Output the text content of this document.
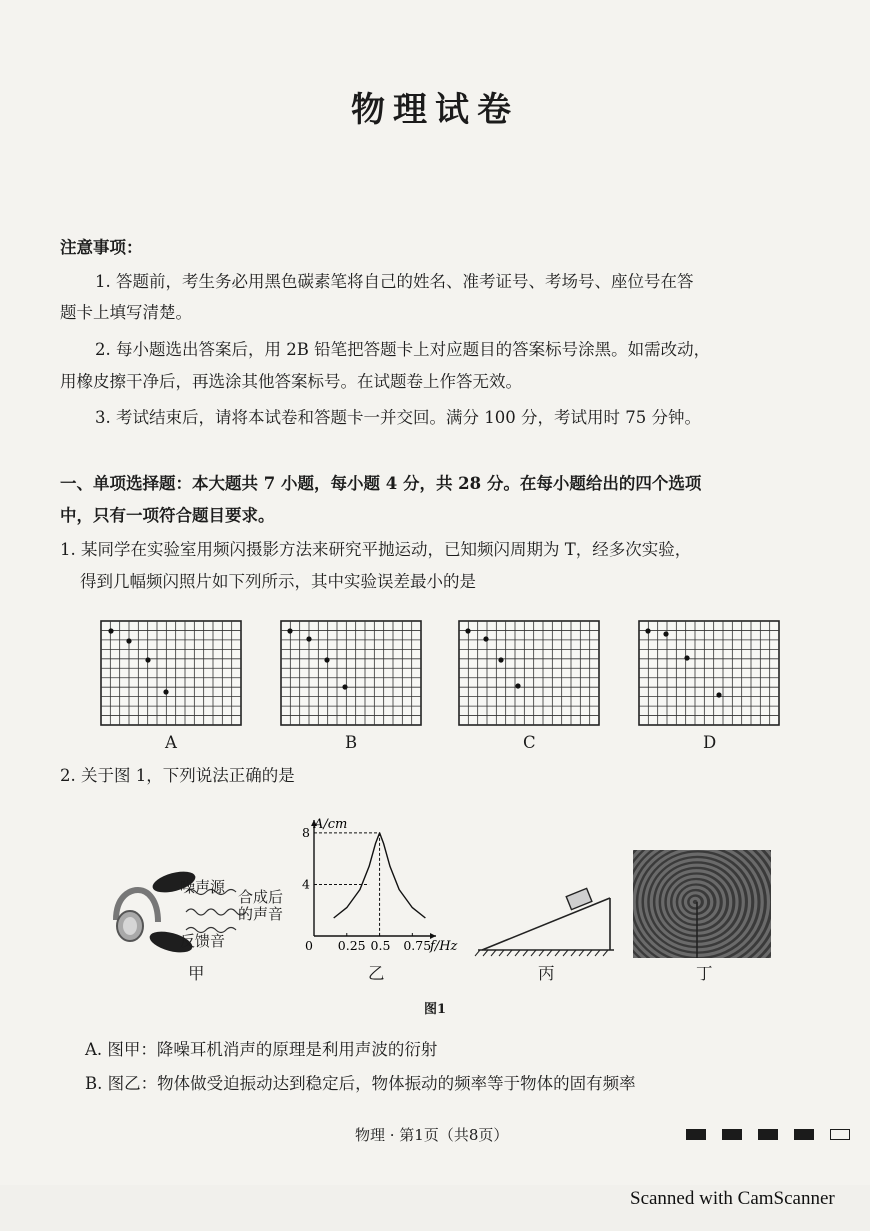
物理试卷

注意事项：

1. 答题前，考生务必用黑色碳素笔将自己的姓名、准考证号、考场号、座位号在答

题卡上填写清楚。

2. 每小题选出答案后，用 2B 铅笔把答题卡上对应题目的答案标号涂黑。如需改动，

用橡皮擦干净后，再选涂其他答案标号。在试题卷上作答无效。

3. 考试结束后，请将本试卷和答题卡一并交回。满分 100 分，考试用时 75 分钟。

一、单项选择题：本大题共 7 小题，每小题 4 分，共 28 分。在每小题给出的四个选项

中，只有一项符合题目要求。

1. 某同学在实验室用频闪摄影方法来研究平抛运动，已知频闪周期为 T，经多次实验，

得到几幅频闪照片如下列所示，其中实验误差最小的是

A	B	C	D

2. 关于图 1，下列说法正确的是

噪声源
合成后
的声音
反馈音
A/cm
f/Hz
0 0.25 0.5 0.75
4
8
甲	乙	丙	丁
图1

A. 图甲：降噪耳机消声的原理是利用声波的衍射

B. 图乙：物体做受迫振动达到稳定后，物体振动的频率等于物体的固有频率

物理 · 第1页（共8页）
Scanned with CamScanner
